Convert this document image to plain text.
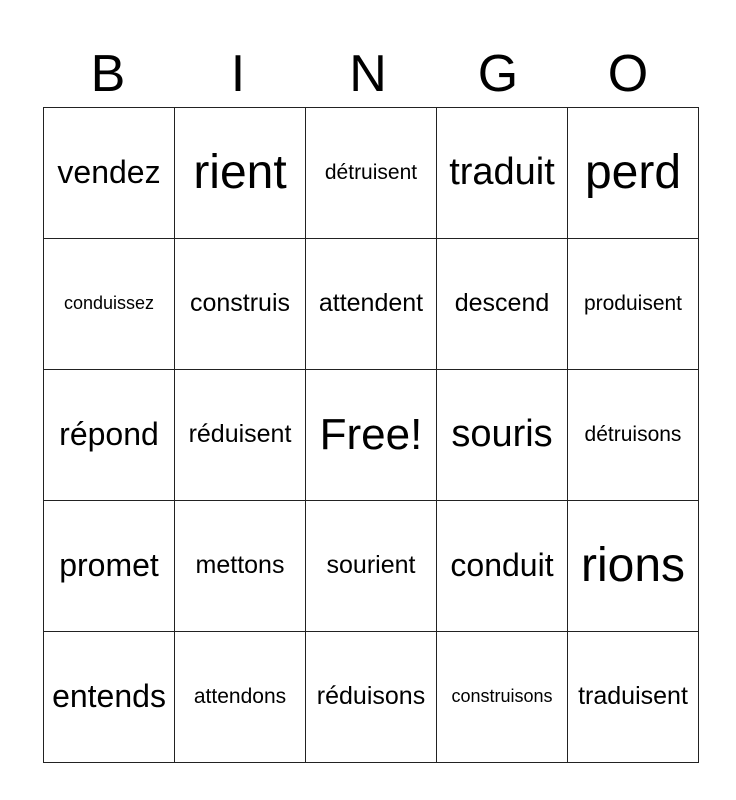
B	I	N	G	O
vendez	rient	détruisent	traduit	perd
conduissez	construis	attendent	descend	produisent
répond	réduisent	Free!	souris	détruisons
promet	mettons	sourient	conduit	rions
entends	attendons	réduisons	construisons	traduisent
